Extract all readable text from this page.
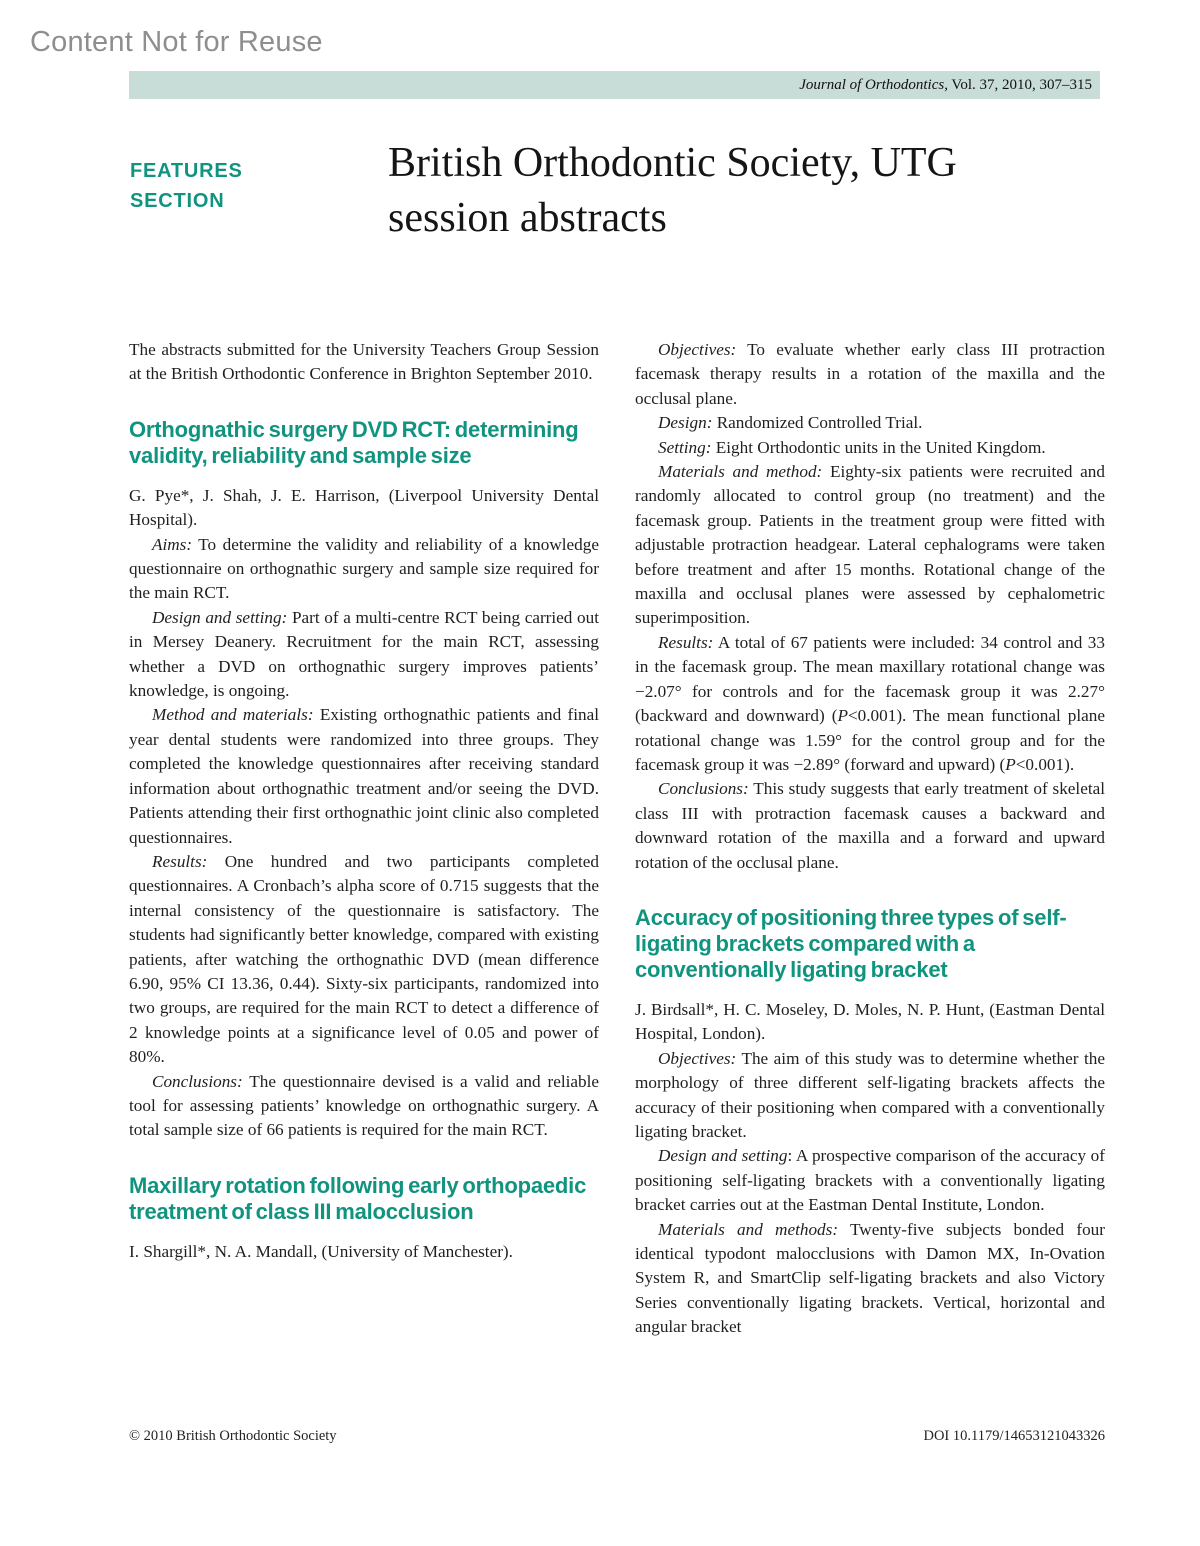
Content Not for Reuse
Journal of Orthodontics, Vol. 37, 2010, 307–315
FEATURES
SECTION
British Orthodontic Society, UTG
session abstracts

The abstracts submitted for the University Teachers Group Session at the British Orthodontic Conference in Brighton September 2010.

Orthognathic surgery DVD RCT: determining validity, reliability and sample size

G. Pye*, J. Shah, J. E. Harrison, (Liverpool University Dental Hospital).

Aims: To determine the validity and reliability of a knowledge questionnaire on orthognathic surgery and sample size required for the main RCT.

Design and setting: Part of a multi-centre RCT being carried out in Mersey Deanery. Recruitment for the main RCT, assessing whether a DVD on orthognathic surgery improves patients’ knowledge, is ongoing.

Method and materials: Existing orthognathic patients and final year dental students were randomized into three groups. They completed the knowledge questionnaires after receiving standard information about orthognathic treatment and/or seeing the DVD. Patients attending their first orthognathic joint clinic also completed questionnaires.

Results: One hundred and two participants completed questionnaires. A Cronbach’s alpha score of 0.715 suggests that the internal consistency of the questionnaire is satisfactory. The students had significantly better knowledge, compared with existing patients, after watching the orthognathic DVD (mean difference 6.90, 95% CI 13.36, 0.44). Sixty-six participants, randomized into two groups, are required for the main RCT to detect a difference of 2 knowledge points at a significance level of 0.05 and power of 80%.

Conclusions: The questionnaire devised is a valid and reliable tool for assessing patients’ knowledge on orthognathic surgery. A total sample size of 66 patients is required for the main RCT.

Maxillary rotation following early orthopaedic treatment of class III malocclusion

I. Shargill*, N. A. Mandall, (University of Manchester).

Objectives: To evaluate whether early class III protraction facemask therapy results in a rotation of the maxilla and the occlusal plane.

Design: Randomized Controlled Trial.

Setting: Eight Orthodontic units in the United Kingdom.

Materials and method: Eighty-six patients were recruited and randomly allocated to control group (no treatment) and the facemask group. Patients in the treatment group were fitted with adjustable protraction headgear. Lateral cephalograms were taken before treatment and after 15 months. Rotational change of the maxilla and occlusal planes were assessed by cephalometric superimposition.

Results: A total of 67 patients were included: 34 control and 33 in the facemask group. The mean maxillary rotational change was −2.07° for controls and for the facemask group it was 2.27° (backward and downward) (P<0.001). The mean functional plane rotational change was 1.59° for the control group and for the facemask group it was −2.89° (forward and upward) (P<0.001).

Conclusions: This study suggests that early treatment of skeletal class III with protraction facemask causes a backward and downward rotation of the maxilla and a forward and upward rotation of the occlusal plane.

Accuracy of positioning three types of self-ligating brackets compared with a conventionally ligating bracket

J. Birdsall*, H. C. Moseley, D. Moles, N. P. Hunt, (Eastman Dental Hospital, London).

Objectives: The aim of this study was to determine whether the morphology of three different self-ligating brackets affects the accuracy of their positioning when compared with a conventionally ligating bracket.

Design and setting: A prospective comparison of the accuracy of positioning self-ligating brackets with a conventionally ligating bracket carries out at the Eastman Dental Institute, London.

Materials and methods: Twenty-five subjects bonded four identical typodont malocclusions with Damon MX, In-Ovation System R, and SmartClip self-ligating brackets and also Victory Series conventionally ligating brackets. Vertical, horizontal and angular bracket

© 2010 British Orthodontic Society	DOI 10.1179/14653121043326
